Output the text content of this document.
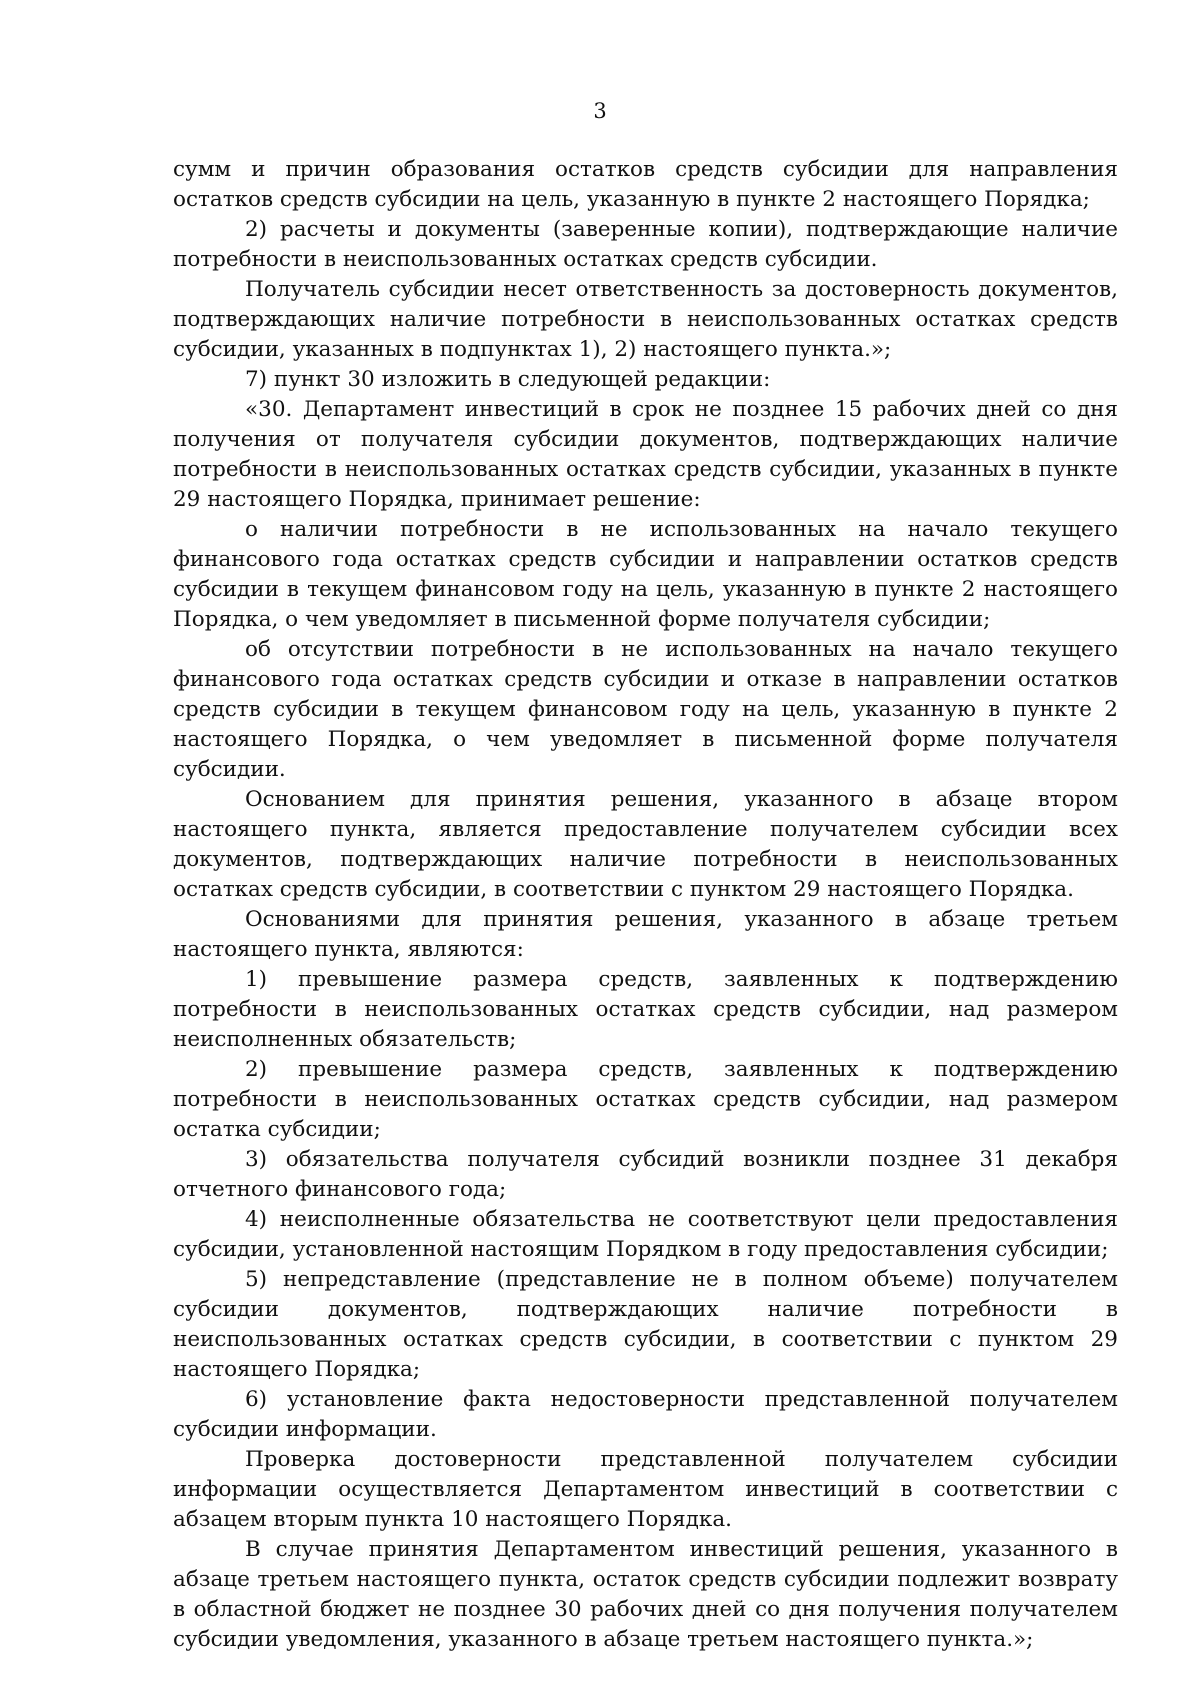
3

сумм и причин образования остатков средств субсидии для направления остатков средств субсидии на цель, указанную в пункте 2 настоящего Порядка;

2) расчеты и документы (заверенные копии), подтверждающие наличие потребности в неиспользованных остатках средств субсидии.

Получатель субсидии несет ответственность за достоверность документов, подтверждающих наличие потребности в неиспользованных остатках средств субсидии, указанных в подпунктах 1), 2) настоящего пункта.»;

7) пункт 30 изложить в следующей редакции:

«30. Департамент инвестиций в срок не позднее 15 рабочих дней со дня получения от получателя субсидии документов, подтверждающих наличие потребности в неиспользованных остатках средств субсидии, указанных в пункте 29 настоящего Порядка, принимает решение:

о наличии потребности в не использованных на начало текущего финансового года остатках средств субсидии и направлении остатков средств субсидии в текущем финансовом году на цель, указанную в пункте 2 настоящего Порядка, о чем уведомляет в письменной форме получателя субсидии;

об отсутствии потребности в не использованных на начало текущего финансового года остатках средств субсидии и отказе в направлении остатков средств субсидии в текущем финансовом году на цель, указанную в пункте 2 настоящего Порядка, о чем уведомляет в письменной форме получателя субсидии.

Основанием для принятия решения, указанного в абзаце втором настоящего пункта, является предоставление получателем субсидии всех документов, подтверждающих наличие потребности в неиспользованных остатках средств субсидии, в соответствии с пунктом 29 настоящего Порядка.

Основаниями для принятия решения, указанного в абзаце третьем настоящего пункта, являются:

1) превышение размера средств, заявленных к подтверждению потребности в неиспользованных остатках средств субсидии, над размером неисполненных обязательств;

2) превышение размера средств, заявленных к подтверждению потребности в неиспользованных остатках средств субсидии, над размером остатка субсидии;

3) обязательства получателя субсидий возникли позднее 31 декабря отчетного финансового года;

4) неисполненные обязательства не соответствуют цели предоставления субсидии, установленной настоящим Порядком в году предоставления субсидии;

5) непредставление (представление не в полном объеме) получателем субсидии документов, подтверждающих наличие потребности в неиспользованных остатках средств субсидии, в соответствии с пунктом 29 настоящего Порядка;

6) установление факта недостоверности представленной получателем субсидии информации.

Проверка достоверности представленной получателем субсидии информации осуществляется Департаментом инвестиций в соответствии с абзацем вторым пункта 10 настоящего Порядка.

В случае принятия Департаментом инвестиций решения, указанного в абзаце третьем настоящего пункта, остаток средств субсидии подлежит возврату в областной бюджет не позднее 30 рабочих дней со дня получения получателем субсидии уведомления, указанного в абзаце третьем настоящего пункта.»;
